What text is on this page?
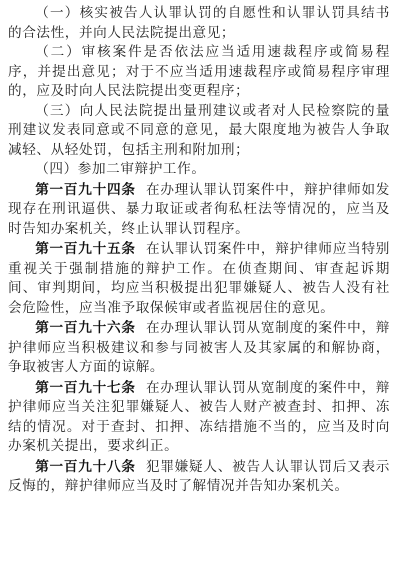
（一）核实被告人认罪认罚的自愿性和认罪认罚具结书的合法性，并向人民法院提出意见；

（二）审核案件是否依法应当适用速裁程序或简易程序，并提出意见；对于不应当适用速裁程序或简易程序审理的，应及时向人民法院提出变更程序；

（三）向人民法院提出量刑建议或者对人民检察院的量刑建议发表同意或不同意的意见，最大限度地为被告人争取减轻、从轻处罚，包括主刑和附加刑；

（四）参加二审辩护工作。

第一百九十四条 在办理认罪认罚案件中，辩护律师如发现存在刑讯逼供、暴力取证或者徇私枉法等情况的，应当及时告知办案机关，终止认罪认罚程序。

第一百九十五条 在认罪认罚案件中，辩护律师应当特别重视关于强制措施的辩护工作。在侦查期间、审查起诉期间、审判期间，均应当积极提出犯罪嫌疑人、被告人没有社会危险性，应当准予取保候审或者监视居住的意见。

第一百九十六条 在办理认罪认罚从宽制度的案件中，辩护律师应当积极建议和参与同被害人及其家属的和解协商，争取被害人方面的谅解。

第一百九十七条 在办理认罪认罚从宽制度的案件中，辩护律师应当关注犯罪嫌疑人、被告人财产被查封、扣押、冻结的情况。对于查封、扣押、冻结措施不当的，应当及时向办案机关提出，要求纠正。

第一百九十八条 犯罪嫌疑人、被告人认罪认罚后又表示反悔的，辩护律师应当及时了解情况并告知办案机关。
